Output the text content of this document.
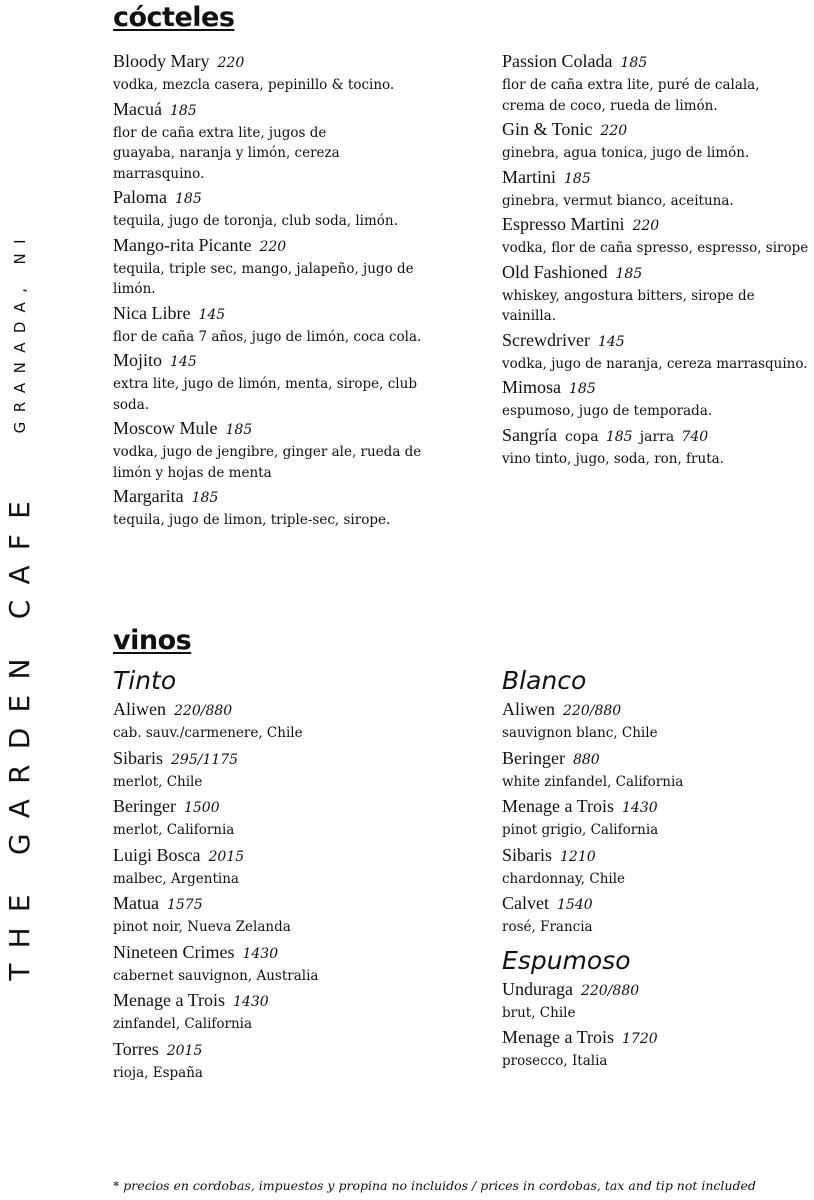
THE GARDEN CAFE
GRANADA, NI
cócteles
Bloody Mary 220
vodka, mezcla casera, pepinillo & tocino.
Macuá 185
flor de caña extra lite, jugos de
guayaba, naranja y limón, cereza marrasquino.
Paloma 185
tequila, jugo de toronja, club soda, limón.
Mango-rita Picante 220
tequila, triple sec, mango, jalapeño, jugo de limón.
Nica Libre 145
flor de caña 7 años, jugo de limón, coca cola.
Mojito 145
extra lite, jugo de limón, menta, sirope, club soda.
Moscow Mule 185
vodka, jugo de jengibre, ginger ale, rueda de
limón y hojas de menta
Margarita 185
tequila, jugo de limon, triple-sec, sirope.
Passion Colada 185
flor de caña extra lite, puré de calala,
crema de coco, rueda de limón.
Gin & Tonic 220
ginebra, agua tonica, jugo de limón.
Martini 185
ginebra, vermut bianco, aceituna.
Espresso Martini 220
vodka, flor de caña spresso, espresso, sirope
Old Fashioned 185
whiskey, angostura bitters, sirope de vainilla.
Screwdriver 145
vodka, jugo de naranja, cereza marrasquino.
Mimosa 185
espumoso, jugo de temporada.
Sangría copa 185 jarra 740
vino tinto, jugo, soda, ron, fruta.
vinos
Tinto
Aliwen 220/880
cab. sauv./carmenere, Chile
Sibaris 295/1175
merlot, Chile
Beringer 1500
merlot, California
Luigi Bosca 2015
malbec, Argentina
Matua 1575
pinot noir, Nueva Zelanda
Nineteen Crimes 1430
cabernet sauvignon, Australia
Menage a Trois 1430
zinfandel, California
Torres 2015
rioja, España
Blanco
Aliwen 220/880
sauvignon blanc, Chile
Beringer 880
white zinfandel, California
Menage a Trois 1430
pinot grigio, California
Sibaris 1210
chardonnay, Chile
Calvet 1540
rosé, Francia
Espumoso
Unduraga 220/880
brut, Chile
Menage a Trois 1720
prosecco, Italia
* precios en cordobas, impuestos y propina no incluidos / prices in cordobas, tax and tip not included
